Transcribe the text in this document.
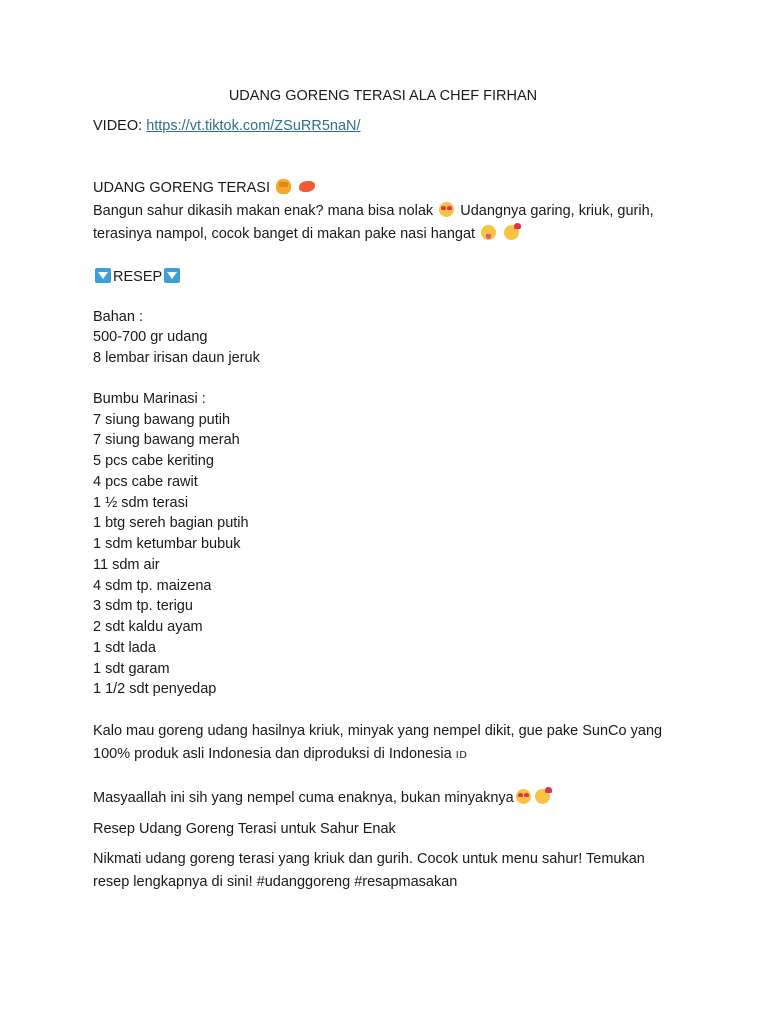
UDANG GORENG TERASI ALA CHEF FIRHAN

VIDEO: https://vt.tiktok.com/ZSuRR5naN/

UDANG GORENG TERASI
Bangun sahur dikasih makan enak? mana bisa nolak Udangnya garing, kriuk, gurih,
terasinya nampol, cocok banget di makan pake nasi hangat

RESEP

Bahan :
500-700 gr udang
8 lembar irisan daun jeruk
Bumbu Marinasi :
7 siung bawang putih
7 siung bawang merah
5 pcs cabe keriting
4 pcs cabe rawit
1 ½ sdm terasi
1 btg sereh bagian putih
1 sdm ketumbar bubuk
11 sdm air
4 sdm tp. maizena
3 sdm tp. terigu
2 sdt kaldu ayam
1 sdt lada
1 sdt garam
1 1/2 sdt penyedap

Kalo mau goreng udang hasilnya kriuk, minyak yang nempel dikit, gue pake SunCo yang
100% produk asli Indonesia dan diproduksi di Indonesia ID

Masyaallah ini sih yang nempel cuma enaknya, bukan minyaknya

Resep Udang Goreng Terasi untuk Sahur Enak

Nikmati udang goreng terasi yang kriuk dan gurih. Cocok untuk menu sahur! Temukan
resep lengkapnya di sini! #udanggoreng #resapmasakan
